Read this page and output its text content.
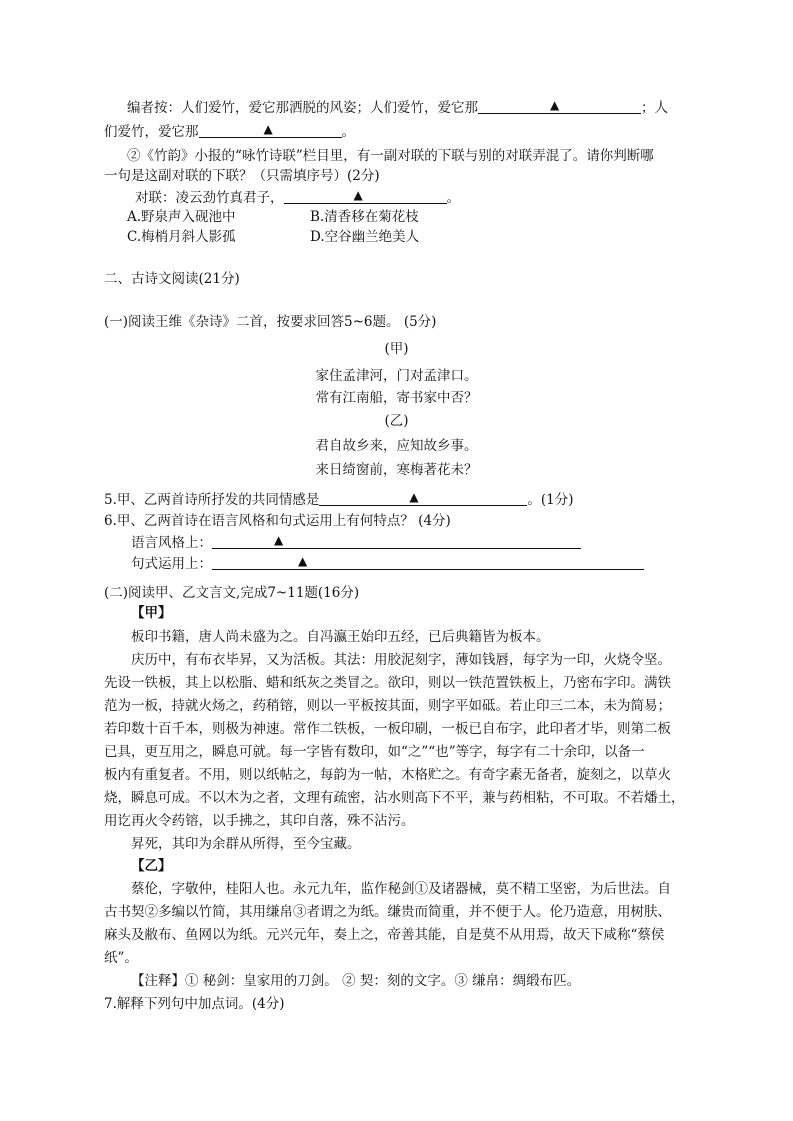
编者按：人们爱竹，爱它那洒脱的风姿；人们爱竹，爱它那	▲	；人
们爱竹，爱它那	▲	。
②《竹韵》小报的“咏竹诗联”栏目里，有一副对联的下联与别的对联弄混了。请你判断哪
一句是这副对联的下联？（只需填序号）(2分)
对联：凌云劲竹真君子，	▲	。
A.野泉声入砚池中	B.清香移在菊花枝
C.梅梢月斜人影孤	D.空谷幽兰绝美人
二、古诗文阅读(21分)
(一)阅读王维《杂诗》二首，按要求回答5~6题。 (5分)
(甲)
家住孟津河，门对孟津口。
常有江南船，寄书家中否？
(乙)
君自故乡来，应知故乡事。
来日绮窗前，寒梅著花未？
5.甲、乙两首诗所抒发的共同情感是	▲	。(1分)
6.甲、乙两首诗在语言风格和句式运用上有何特点？ (4分)
语言风格上：	▲
句式运用上：	▲
(二)阅读甲、乙文言文,完成7~11题(16分)
【甲】
板印书籍，唐人尚未盛为之。自冯瀛王始印五经，已后典籍皆为板本。
庆历中，有布衣毕昇，又为活板。其法：用胶泥刻字，薄如钱唇，每字为一印，火烧令坚。
先设一铁板，其上以松脂、蜡和纸灰之类冒之。欲印，则以一铁范置铁板上，乃密布字印。满铁
范为一板，持就火炀之，药稍镕，则以一平板按其面，则字平如砥。若止印三二本，未为简易；
若印数十百千本，则极为神速。常作二铁板，一板印刷，一板已自布字，此印者才毕，则第二板
已具，更互用之，瞬息可就。每一字皆有数印，如“之”“也”等字，每字有二十余印，以备一
板内有重复者。不用，则以纸帖之，每韵为一帖，木格贮之。有奇字素无备者，旋刻之，以草火
烧，瞬息可成。不以木为之者，文理有疏密，沾水则高下不平，兼与药相粘，不可取。不若燔土，
用讫再火令药镕，以手拂之，其印自落，殊不沾污。
昇死，其印为余群从所得，至今宝藏。
【乙】
蔡伦，字敬仲，桂阳人也。永元九年，监作秘剑①及诸器械，莫不精工坚密，为后世法。自
古书契②多编以竹简，其用缣帛③者谓之为纸。缣贵而简重，并不便于人。伦乃造意，用树肤、
麻头及敝布、鱼网以为纸。元兴元年，奏上之，帝善其能，自是莫不从用焉，故天下咸称“蔡侯
纸”。
【注释】① 秘剑：皇家用的刀剑。 ② 契：刻的文字。③ 缣帛：绸缎布匹。
7.解释下列句中加点词。(4分)
